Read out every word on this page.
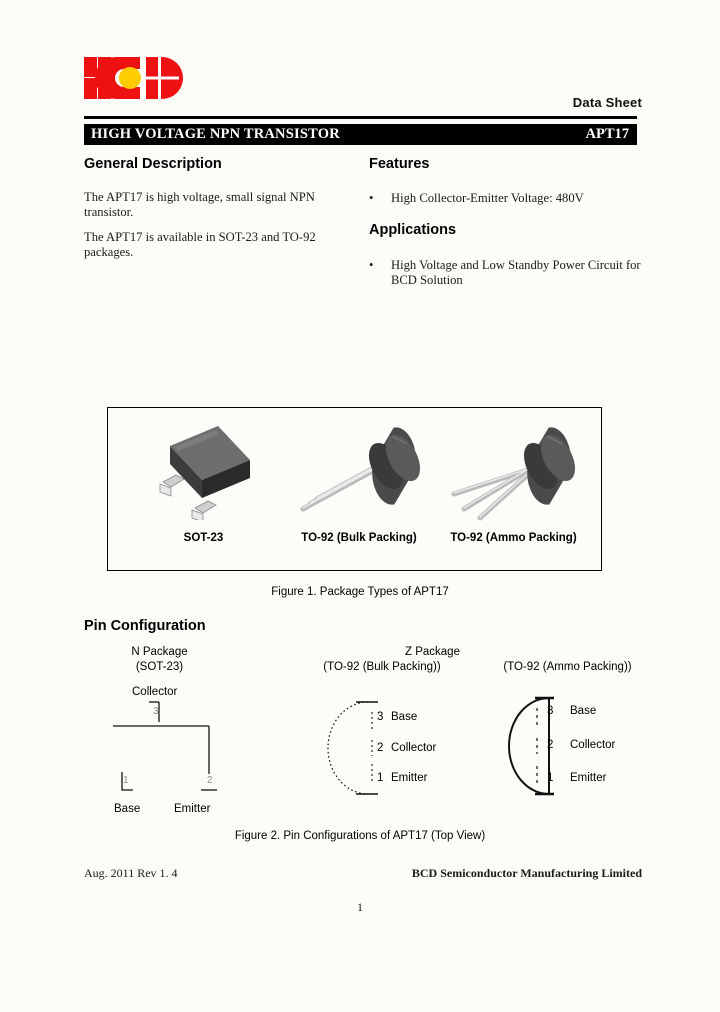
Data Sheet
HIGH VOLTAGE NPN TRANSISTOR	APT17
General Description
The APT17 is high voltage, small signal NPN transistor.
The APT17 is available in SOT-23 and TO-92 packages.
Features
• High Collector-Emitter Voltage: 480V
Applications
• High Voltage and Low Standby Power Circuit for BCD Solution
SOT-23	TO-92 (Bulk Packing)	TO-92 (Ammo Packing)
Figure 1. Package Types of APT17
Pin Configuration
N Package
(SOT-23)
Z Package
(TO-92 (Bulk Packing))	(TO-92 (Ammo Packing))
Collector
3
1	2
Base	Emitter
3 Base
2 Collector
1 Emitter
3 Base
2 Collector
1 Emitter
Figure 2. Pin Configurations of APT17 (Top View)
Aug. 2011 Rev 1. 4	BCD Semiconductor Manufacturing Limited
1
